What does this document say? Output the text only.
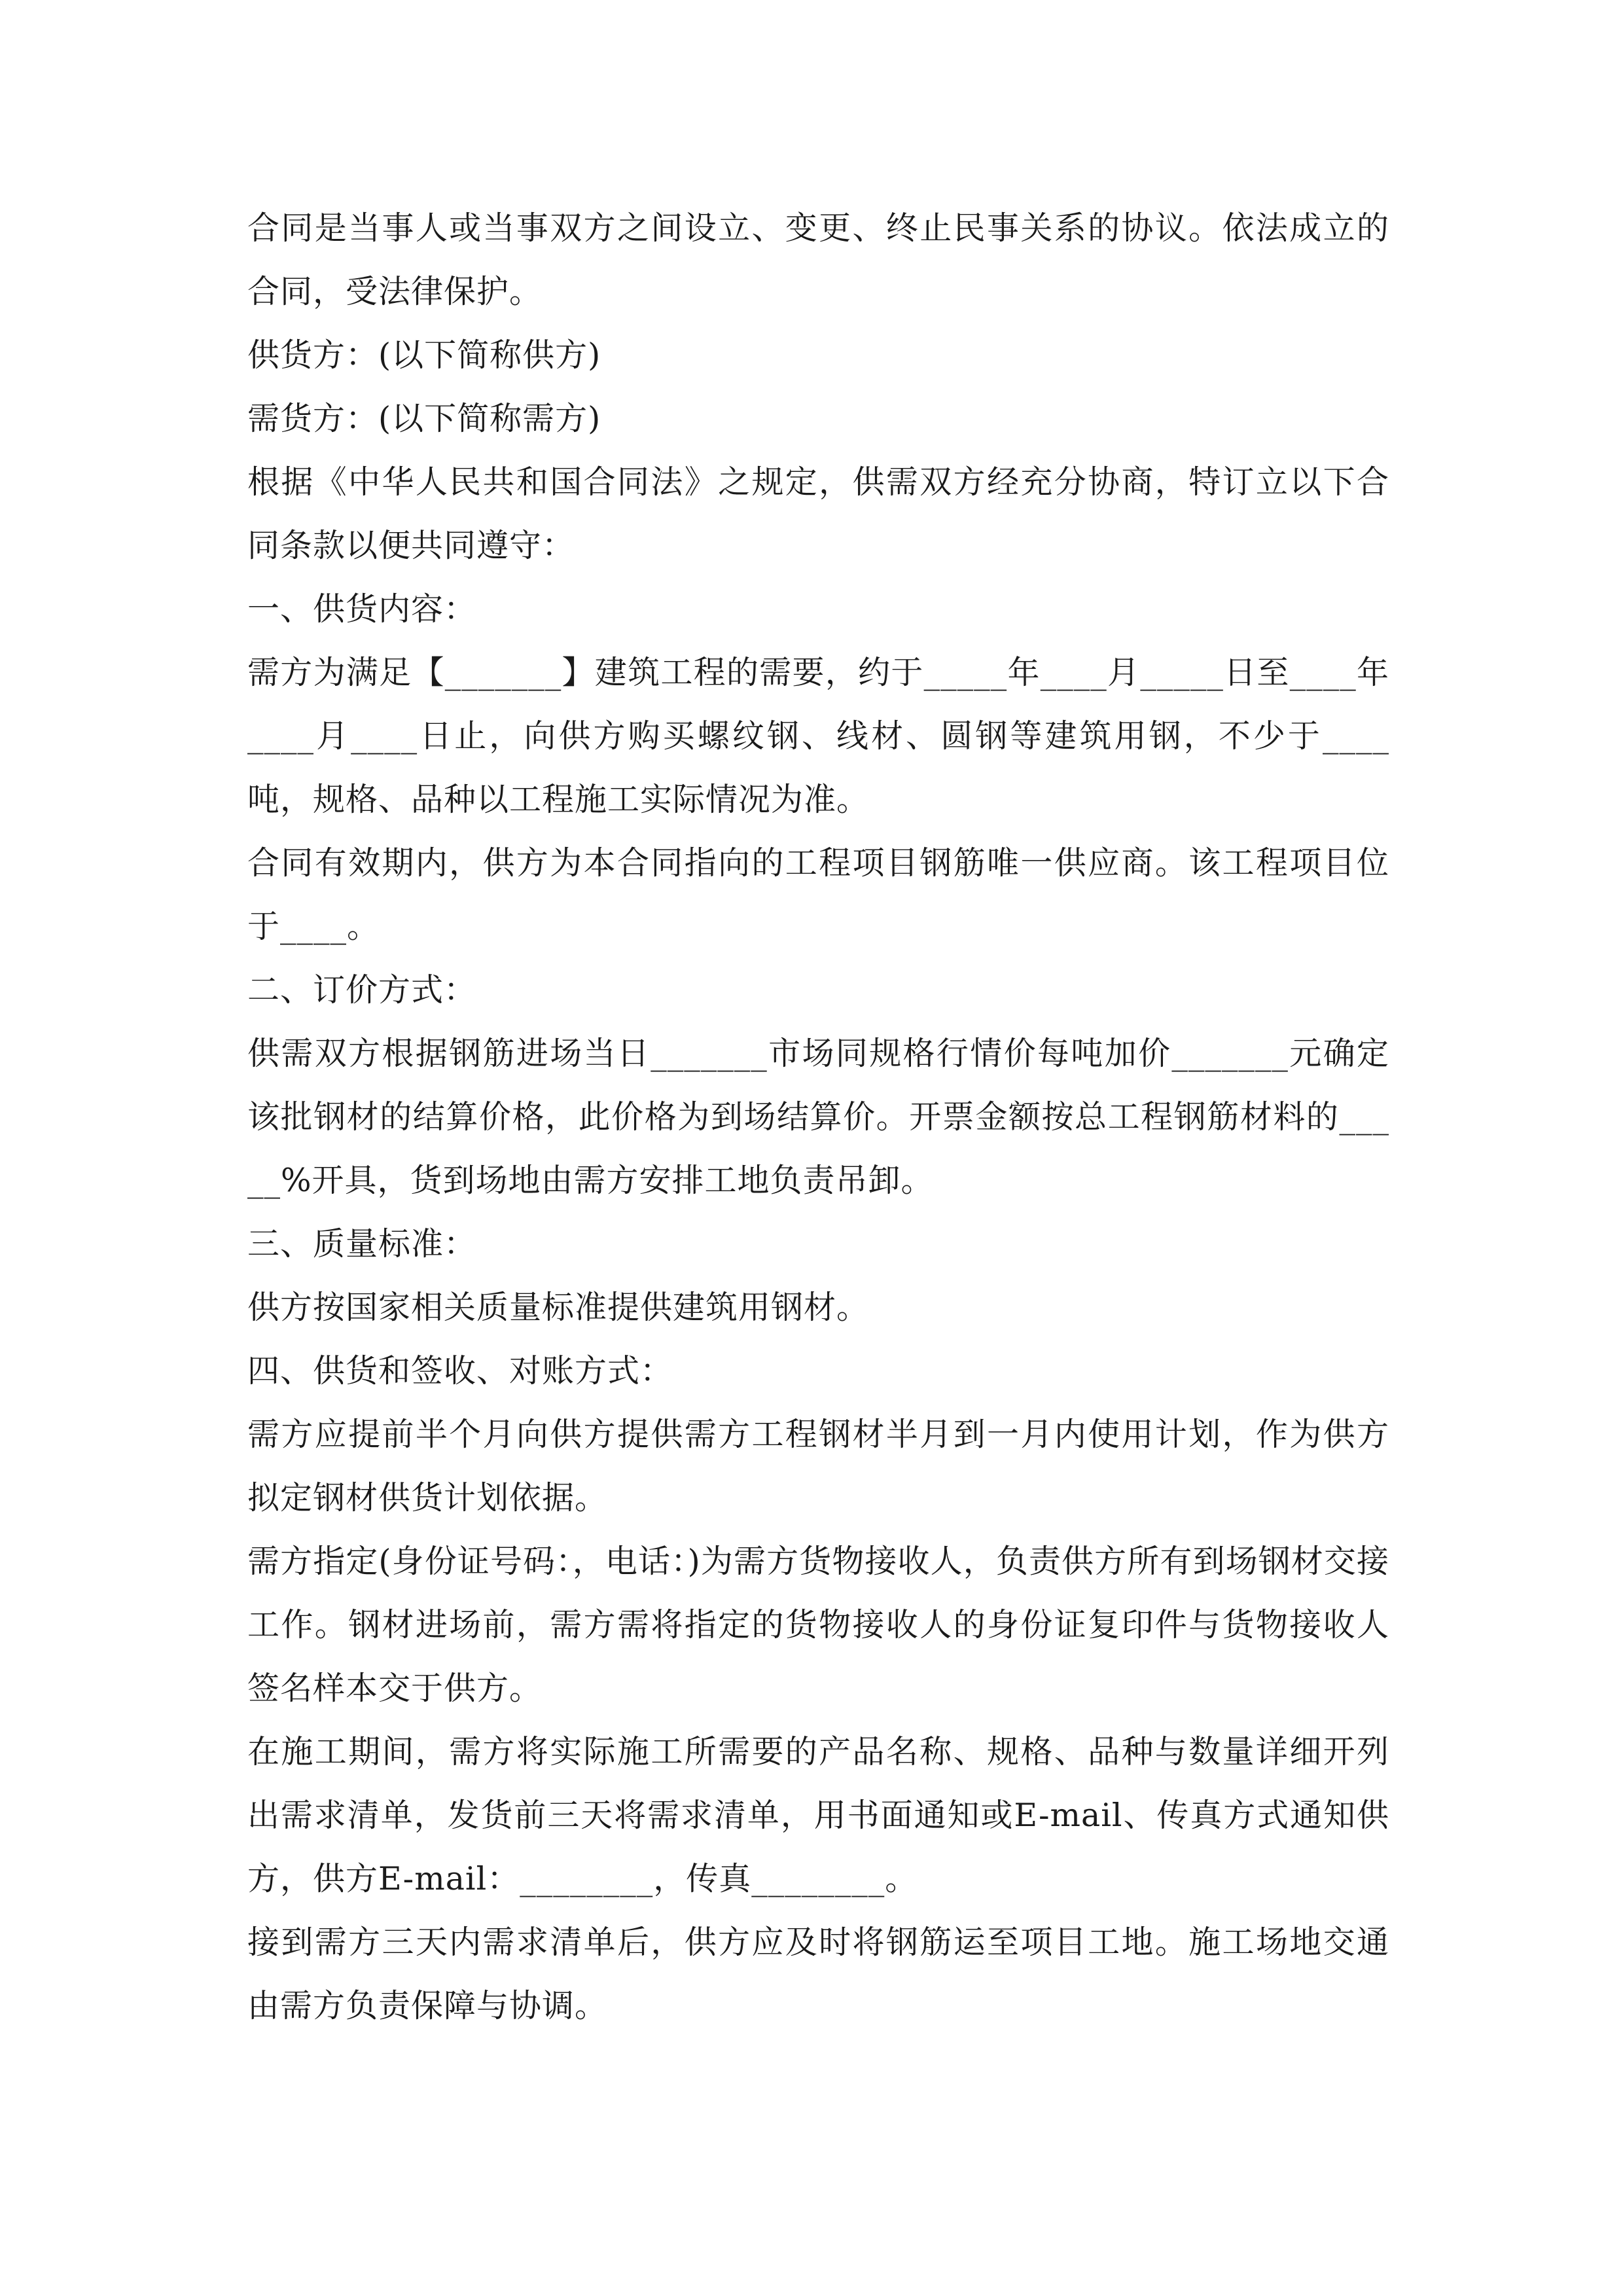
合同是当事人或当事双方之间设立、变更、终止民事关系的协议。依法成立的合同，受法律保护。

供货方：(以下简称供方)

需货方：(以下简称需方)

根据《中华人民共和国合同法》之规定，供需双方经充分协商，特订立以下合同条款以便共同遵守：

一、供货内容：

需方为满足【_______】建筑工程的需要，约于_____年____月_____日至____年____月____日止，向供方购买螺纹钢、线材、圆钢等建筑用钢，不少于____吨，规格、品种以工程施工实际情况为准。

合同有效期内，供方为本合同指向的工程项目钢筋唯一供应商。该工程项目位于____。

二、订价方式：

供需双方根据钢筋进场当日_______市场同规格行情价每吨加价_______元确定该批钢材的结算价格，此价格为到场结算价。开票金额按总工程钢筋材料的_____%开具，货到场地由需方安排工地负责吊卸。

三、质量标准：

供方按国家相关质量标准提供建筑用钢材。

四、供货和签收、对账方式：

需方应提前半个月向供方提供需方工程钢材半月到一月内使用计划，作为供方拟定钢材供货计划依据。

需方指定(身份证号码：，电话：)为需方货物接收人，负责供方所有到场钢材交接工作。钢材进场前，需方需将指定的货物接收人的身份证复印件与货物接收人签名样本交于供方。

在施工期间，需方将实际施工所需要的产品名称、规格、品种与数量详细开列出需求清单，发货前三天将需求清单，用书面通知或E-mail、传真方式通知供方，供方E-mail：________，传真________。

接到需方三天内需求清单后，供方应及时将钢筋运至项目工地。施工场地交通由需方负责保障与协调。
